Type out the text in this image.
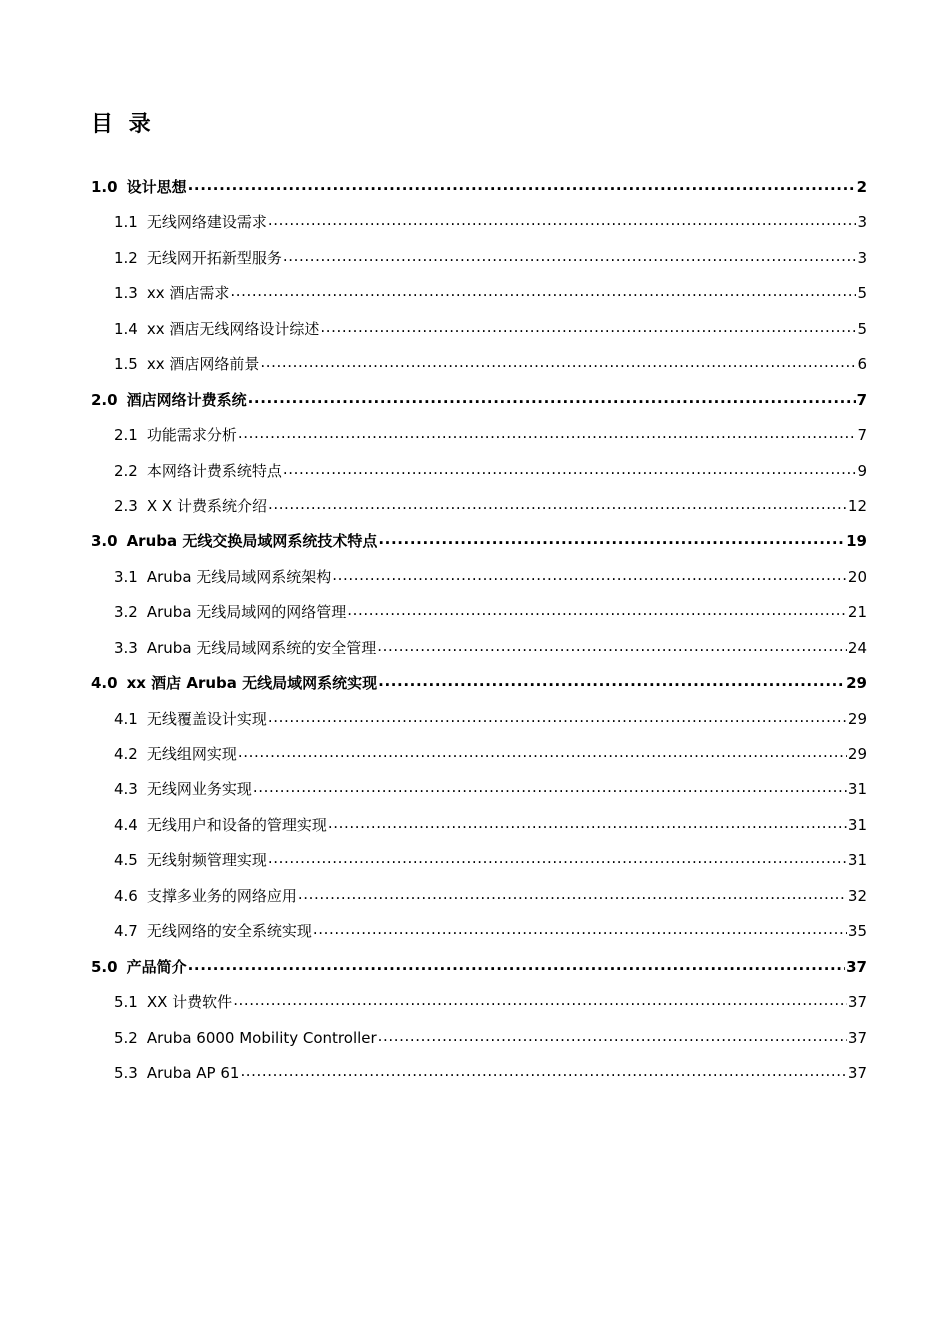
目 录
1.0 设计思想 .....	2
1.1 无线网络建设需求 .....	3
1.2 无线网开拓新型服务 .....	3
1.3 xx 酒店需求 .....	5
1.4 xx 酒店无线网络设计综述 .....	5
1.5 xx 酒店网络前景 .....	6
2.0 酒店网络计费系统 .....	7
2.1 功能需求分析 .....	7
2.2 本网络计费系统特点 .....	9
2.3 X X 计费系统介绍 .....	12
3.0 Aruba 无线交换局域网系统技术特点 .....	19
3.1 Aruba 无线局域网系统架构 .....	20
3.2 Aruba 无线局域网的网络管理 .....	21
3.3 Aruba 无线局域网系统的安全管理 .....	24
4.0 xx 酒店 Aruba 无线局域网系统实现 .....	29
4.1 无线覆盖设计实现 .....	29
4.2 无线组网实现 .....	29
4.3 无线网业务实现 .....	31
4.4 无线用户和设备的管理实现 .....	31
4.5 无线射频管理实现 .....	31
4.6 支撑多业务的网络应用 .....	32
4.7 无线网络的安全系统实现 .....	35
5.0 产品简介 .....	37
5.1 XX 计费软件 .....	37
5.2 Aruba 6000 Mobility Controller .....	37
5.3 Aruba AP 61 .....	37
